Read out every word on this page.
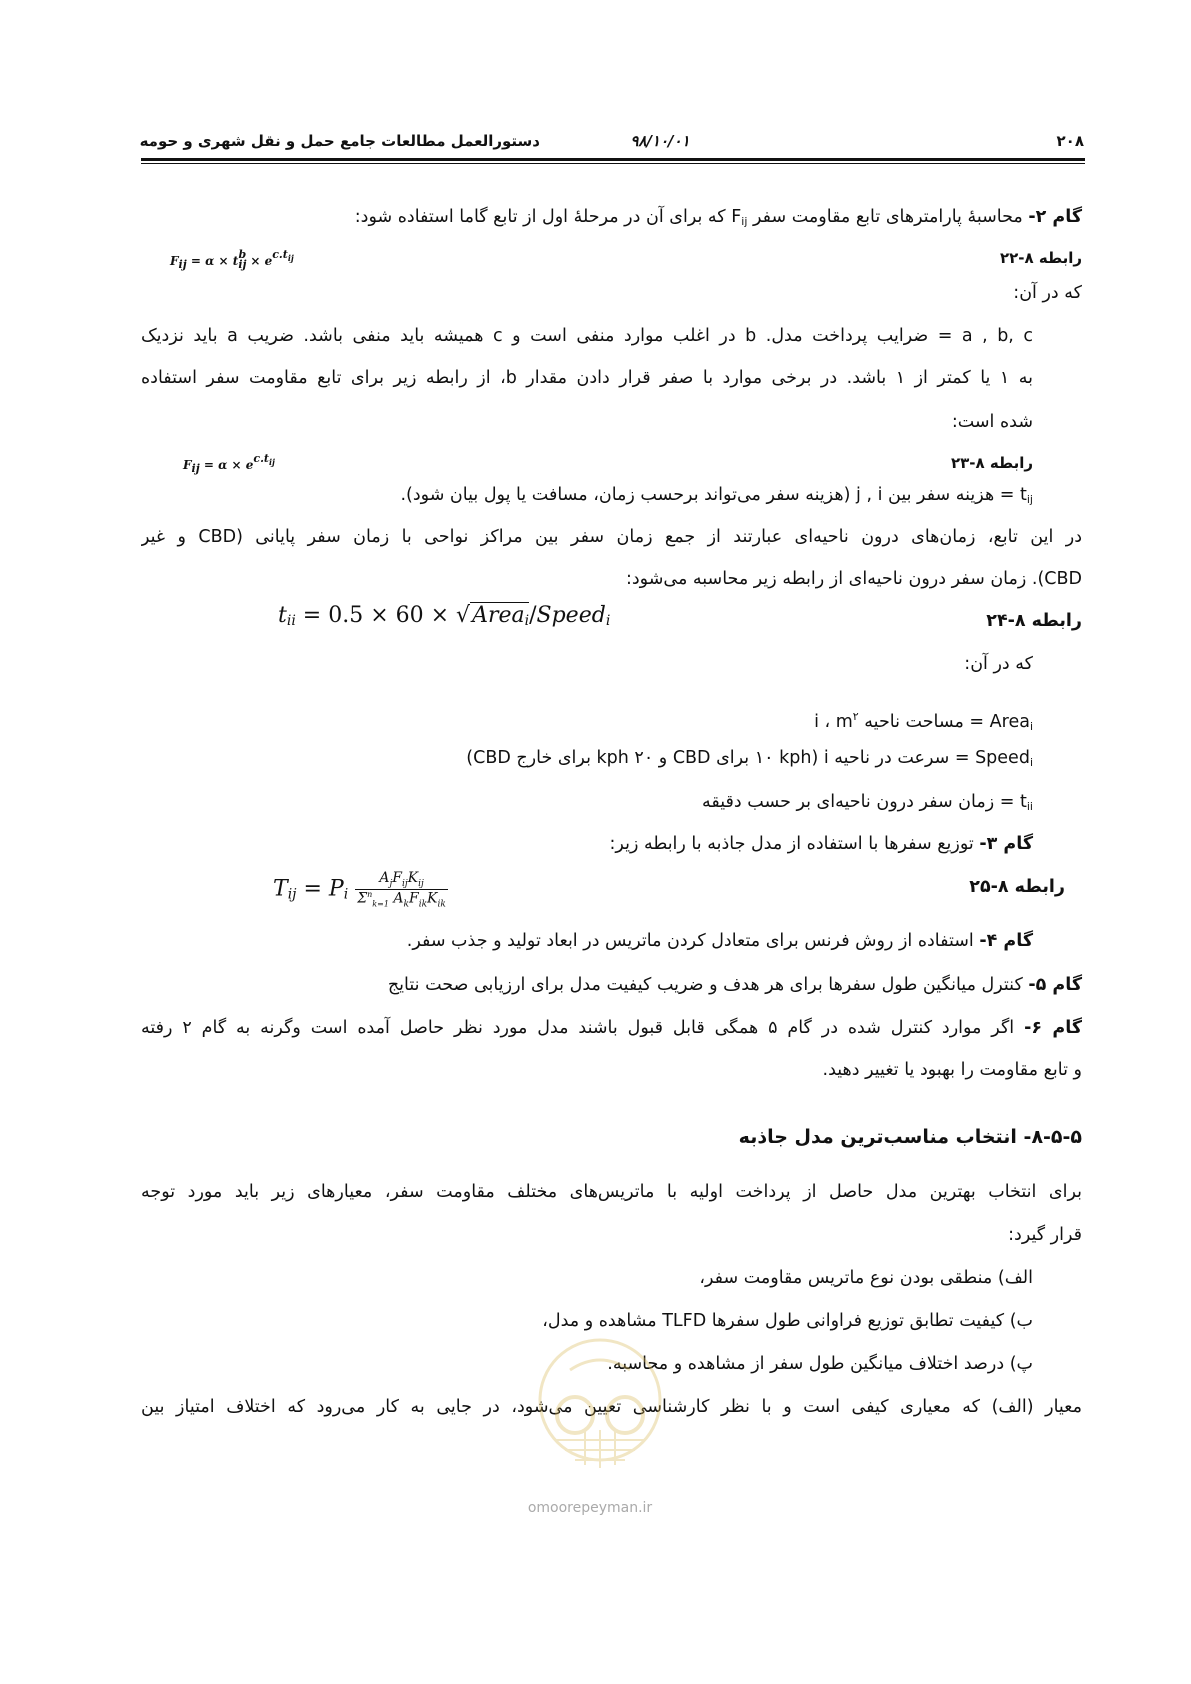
۲۰۸
۹۸/۱۰/۰۱
دستورالعمل مطالعات جامع حمل و نقل شهری و حومه
گام ۲- محاسبهٔ پارامترهای تابع مقاومت سفر $F_{ij}$ که برای آن در مرحلهٔ اول از تابع گاما استفاده شود:
رابطه ۸-۲۲
$F_{ij} = \alpha \times t_{ij}^b \times e^{c.t_{ij}}$
که در آن:
a , b, c = ضرایب پرداخت مدل. b در اغلب موارد منفی است و c همیشه باید منفی باشد. ضریب a باید نزدیک
به ۱ یا کمتر از ۱ باشد. در برخی موارد با صفر قرار دادن مقدار b، از رابطه زیر برای تابع مقاومت سفر استفاده
شده است:
رابطه ۸-۲۳
$F_{ij} = \alpha \times e^{c.t_{ij}}$
$t_{ij}$ = هزینه سفر بین j , i (هزینه سفر می‌تواند برحسب زمان، مسافت یا پول بیان شود).
در این تابع، زمان‌های درون ناحیه‌ای عبارتند از جمع زمان سفر بین مراکز نواحی با زمان سفر پایانی (CBD و غیر
CBD). زمان سفر درون ناحیه‌ای از رابطه زیر محاسبه می‌شود:
رابطه ۸-۲۴
$t_{ii} = 0.5 \times 60$ × √Area$_i$/Speed$_i$
که در آن:
Area$_i$ = مساحت ناحیه i ، $m^۲$
Speed$_i$ = سرعت در ناحیه i (۱۰ kph برای CBD و ۲۰ kph برای خارج CBD)
$t_{ii}$ = زمان سفر درون ناحیه‌ای بر حسب دقیقه
گام ۳- توزیع سفرها با استفاده از مدل جاذبه با رابطه زیر:
رابطه ۸-۲۵
$T_{ij} = P_i \frac{A_jF_{ij}K_{ij}}{\Sigma^n_{k=1} A_kF_{ik}K_{ik}}$
گام ۴- استفاده از روش فرنس برای متعادل کردن ماتریس در ابعاد تولید و جذب سفر.
گام ۵- کنترل میانگین طول سفرها برای هر هدف و ضریب کیفیت مدل برای ارزیابی صحت نتایج
گام ۶- اگر موارد کنترل شده در گام ۵ همگی قابل قبول باشند مدل مورد نظر حاصل آمده است وگرنه به گام ۲ رفته
و تابع مقاومت را بهبود یا تغییر دهید.
۸-۵-۵- انتخاب مناسب‌ترین مدل جاذبه
برای انتخاب بهترین مدل حاصل از پرداخت اولیه با ماتریس‌های مختلف مقاومت سفر، معیارهای زیر باید مورد توجه
قرار گیرد:
الف) منطقی بودن نوع ماتریس مقاومت سفر،
ب) کیفیت تطابق توزیع فراوانی طول سفرها TLFD مشاهده و مدل،
پ) درصد اختلاف میانگین طول سفر از مشاهده و محاسبه.
معیار (الف) که معیاری کیفی است و با نظر کارشناسی تعیین می‌شود، در جایی به کار می‌رود که اختلاف امتیاز بین
omoorepeyman.ir
